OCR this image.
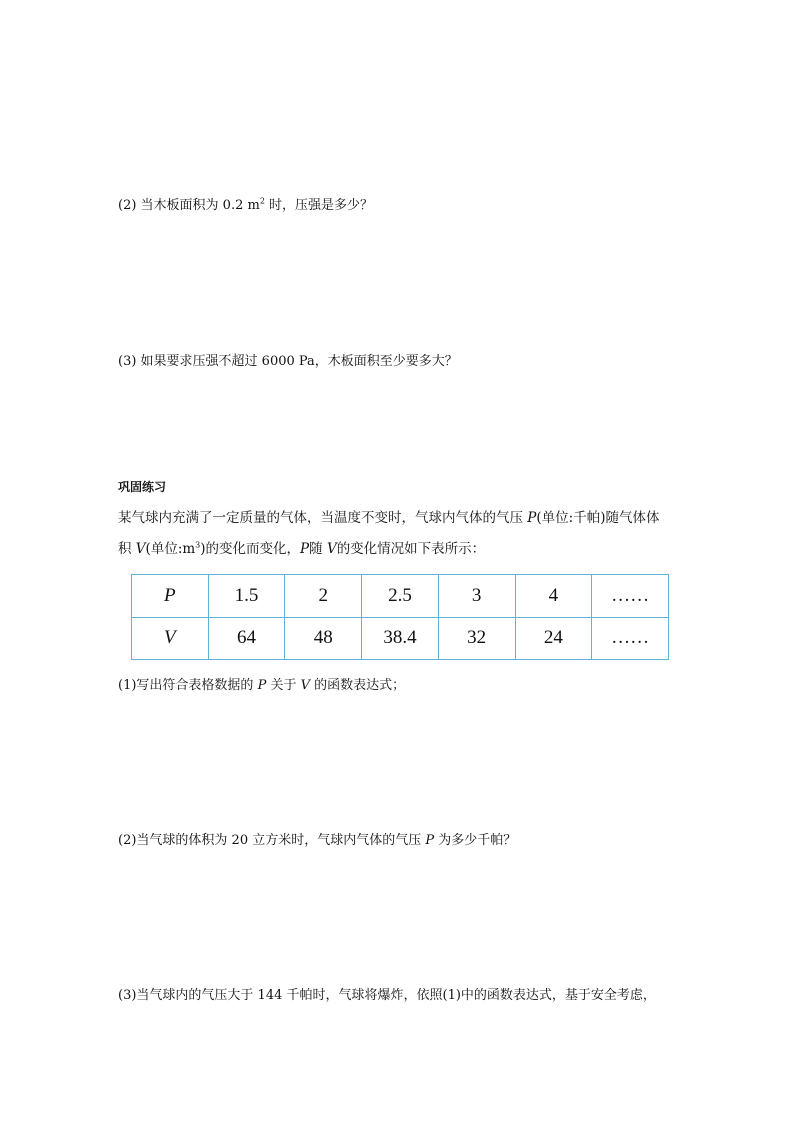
(2) 当木板面积为 0.2 $m^2$ 时，压强是多少？
(3) 如果要求压强不超过 6000 Pa，木板面积至少要多大？
巩固练习
某气球内充满了一定质量的气体，当温度不变时，气球内气体的气压 P(单位:千帕)随气体体
积 V(单位$:m^3$)的变化而变化，P随 V的变化情况如下表所示：
P	1.5	2	2.5	3	4	……
V	64	48	38.4	32	24	……
(1)写出符合表格数据的 P 关于 V 的函数表达式；
(2)当气球的体积为 20 立方米时，气球内气体的气压 P 为多少千帕？
(3)当气球内的气压大于 144 千帕时，气球将爆炸，依照(1)中的函数表达式，基于安全考虑，
